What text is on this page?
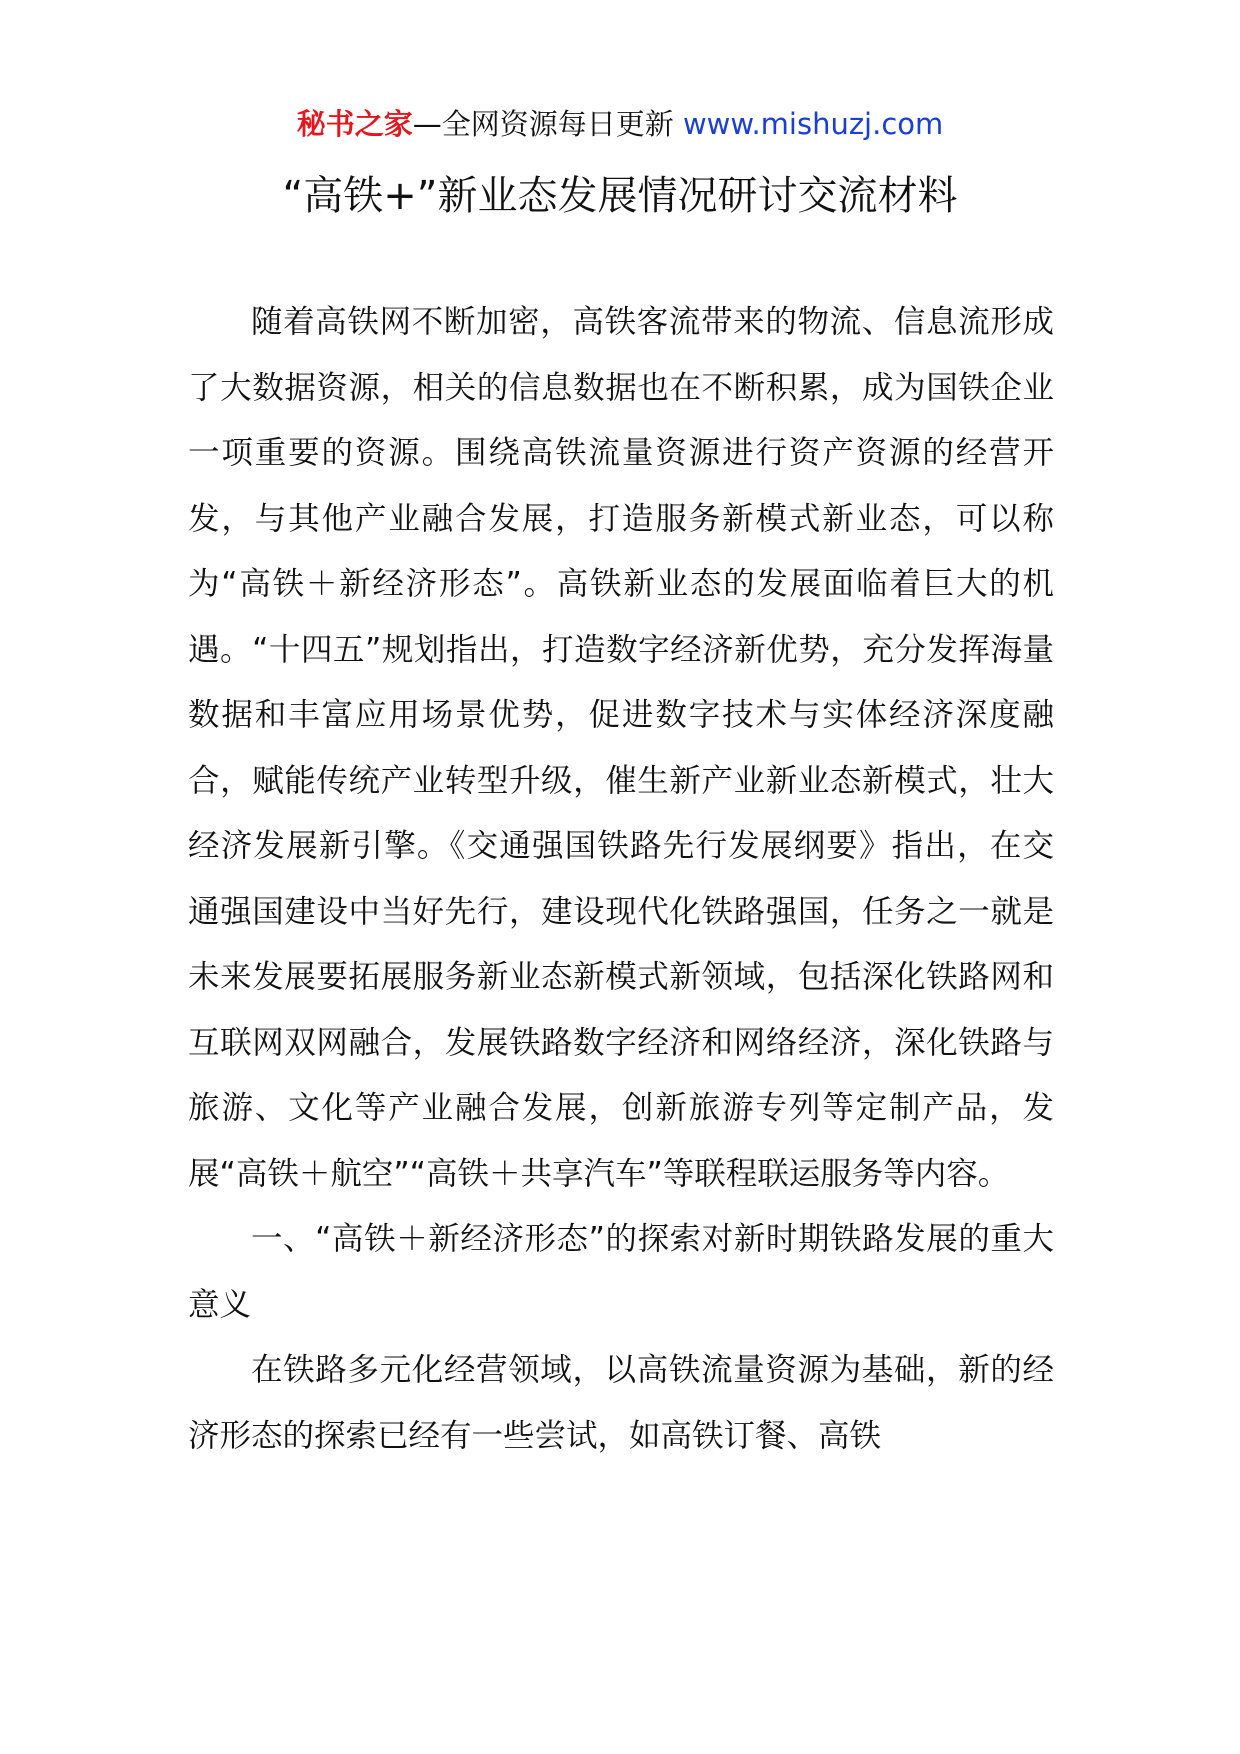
秘书之家—全网资源每日更新 www.mishuzj.com
“高铁+”新业态发展情况研讨交流材料

随着高铁网不断加密，高铁客流带来的物流、信息流形成了大数据资源，相关的信息数据也在不断积累，成为国铁企业一项重要的资源。围绕高铁流量资源进行资产资源的经营开发，与其他产业融合发展，打造服务新模式新业态，可以称为“高铁＋新经济形态”。高铁新业态的发展面临着巨大的机遇。“十四五”规划指出，打造数字经济新优势，充分发挥海量数据和丰富应用场景优势，促进数字技术与实体经济深度融合，赋能传统产业转型升级，催生新产业新业态新模式，壮大经济发展新引擎。《交通强国铁路先行发展纲要》指出，在交通强国建设中当好先行，建设现代化铁路强国，任务之一就是未来发展要拓展服务新业态新模式新领域，包括深化铁路网和互联网双网融合，发展铁路数字经济和网络经济，深化铁路与旅游、文化等产业融合发展，创新旅游专列等定制产品，发展“高铁＋航空”“高铁＋共享汽车”等联程联运服务等内容。

一、“高铁＋新经济形态”的探索对新时期铁路发展的重大意义

在铁路多元化经营领域，以高铁流量资源为基础，新的经济形态的探索已经有一些尝试，如高铁订餐、高铁
